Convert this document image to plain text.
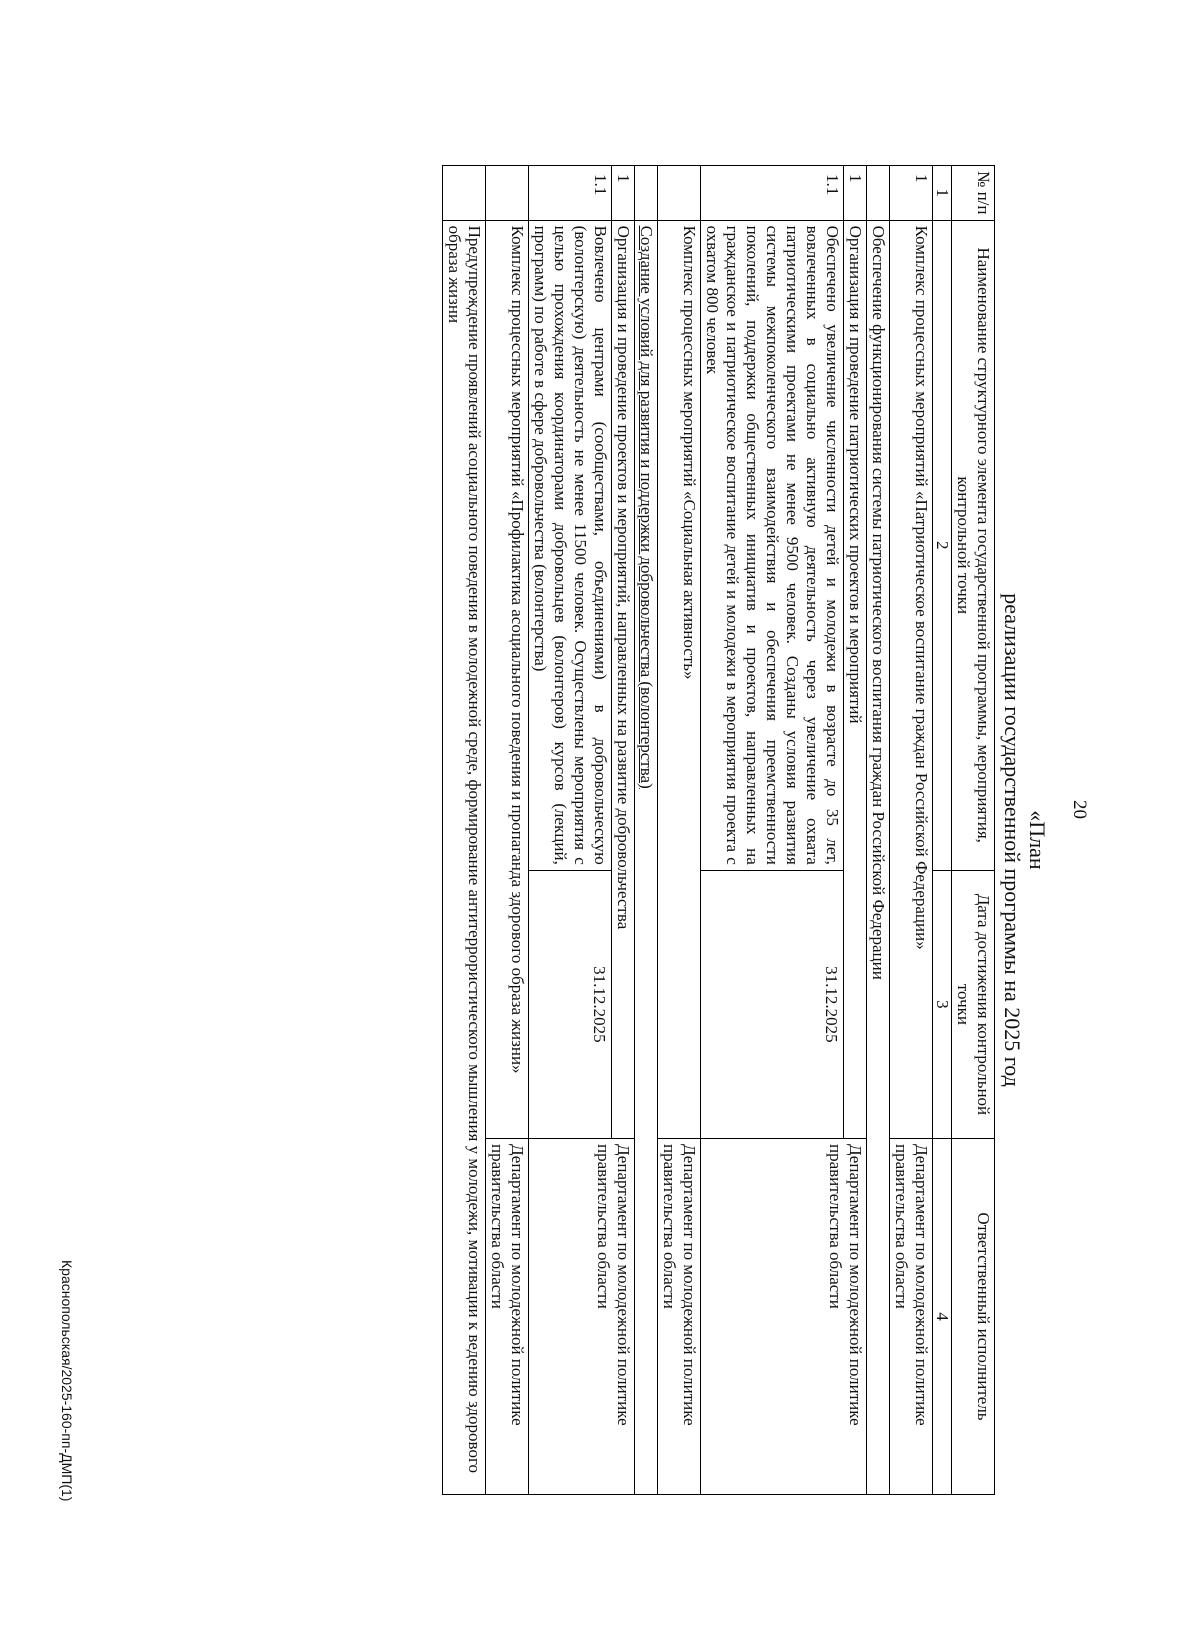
20
«План
реализации государственной программы на 2025 год
№ п/п	Наименование структурного элемента государственной программы, мероприятия, контрольной точки	Дата достижения контрольной точки	Ответственный исполнитель
1	2	3	4
1	Комплекс процессных мероприятий «Патриотическое воспитание граждан Российской Федерации»		Департамент по молодежной политике правительства области
	Обеспечение функционирования системы патриотического воспитания граждан Российской Федерации		
1	Организация и проведение патриотических проектов и мероприятий		Департамент по молодежной политике правительства области
1.1	Обеспечено увеличение численности детей и молодежи в возрасте до 35 лет, вовлеченных в социально активную деятельность через увеличение охвата патриотическими проектами не менее 9500 человек. Созданы условия развития системы межпоколенческого взаимодействия и обеспечения преемственности поколений, поддержки общественных инициатив и проектов, направленных на гражданское и патриотическое воспитание детей и молодежи в мероприятия проекта с охватом 800 человек	31.12.2025	
	Комплекс процессных мероприятий «Социальная активность»		Департамент по молодежной политике правительства области
	Создание условий для развития и поддержки добровольчества (волонтерства)		
1	Организация и проведение проектов и мероприятий, направленных на развитие добровольчества		Департамент по молодежной политике правительства области
1.1	Вовлечено центрами (сообществами, объединениями) в добровольческую (волонтерскую) деятельность не менее 11500 человек. Осуществлены мероприятия с целью прохождения координаторами добровольцев (волонтеров) курсов (лекций, программ) по работе в сфере добровольчества (волонтерства)	31.12.2025	
	Комплекс процессных мероприятий «Профилактика асоциального поведения и пропаганда здорового образа жизни»		Департамент по молодежной политике правительства области
	Предупреждение проявлений асоциального поведения в молодежной среде, формирование антитеррористического мышления у молодежи, мотивации к ведению здорового образа жизни		
Краснопольская/2025-160-пп-ДМП(1)
